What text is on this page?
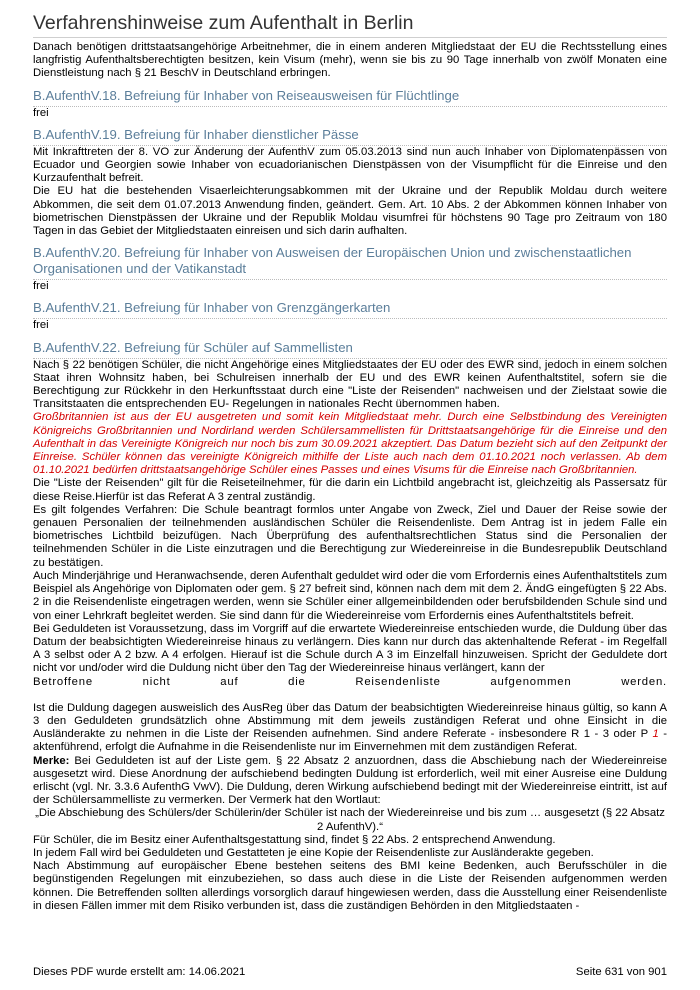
Verfahrenshinweise zum Aufenthalt in Berlin

Danach benötigen drittstaatsangehörige Arbeitnehmer, die in einem anderen Mitgliedstaat der EU die Rechtsstellung eines langfristig Aufenthaltsberechtigten besitzen, kein Visum (mehr), wenn sie bis zu 90 Tage innerhalb von zwölf Monaten eine Dienstleistung nach § 21 BeschV in Deutschland erbringen.

B.AufenthV.18. Befreiung für Inhaber von Reiseausweisen für Flüchtlinge

frei

B.AufenthV.19. Befreiung für Inhaber dienstlicher Pässe

Mit Inkrafttreten der 8. VO zur Änderung der AufenthV zum 05.03.2013 sind nun auch Inhaber von Diplomatenpässen von Ecuador und Georgien sowie Inhaber von ecuadorianischen Dienstpässen von der Visumpflicht für die Einreise und den Kurzaufenthalt befreit.

Die EU hat die bestehenden Visaerleichterungsabkommen mit der Ukraine und der Republik Moldau durch weitere Abkommen, die seit dem 01.07.2013 Anwendung finden, geändert. Gem. Art. 10 Abs. 2 der Abkommen können Inhaber von biometrischen Dienstpässen der Ukraine und der Republik Moldau visumfrei für höchstens 90 Tage pro Zeitraum von 180 Tagen in das Gebiet der Mitgliedstaaten einreisen und sich darin aufhalten.

B.AufenthV.20. Befreiung für Inhaber von Ausweisen der Europäischen Union und zwischenstaatlichen Organisationen und der Vatikanstadt

frei

B.AufenthV.21. Befreiung für Inhaber von Grenzgängerkarten

frei

B.AufenthV.22. Befreiung für Schüler auf Sammellisten

Nach § 22 benötigen Schüler, die nicht Angehörige eines Mitgliedstaates der EU oder des EWR sind, jedoch in einem solchen Staat ihren Wohnsitz haben, bei Schulreisen innerhalb der EU und des EWR keinen Aufenthaltstitel, sofern sie die Berechtigung zur Rückkehr in den Herkunftsstaat durch eine "Liste der Reisenden" nachweisen und der Zielstaat sowie die Transitstaaten die entsprechenden EU- Regelungen in nationales Recht übernommen haben.

Großbritannien ist aus der EU ausgetreten und somit kein Mitgliedstaat mehr. Durch eine Selbstbindung des Vereinigten Königreichs Großbritannien und Nordirland werden Schülersammellisten für Drittstaatsangehörige für die Einreise und den Aufenthalt in das Vereinigte Königreich nur noch bis zum 30.09.2021 akzeptiert. Das Datum bezieht sich auf den Zeitpunkt der Einreise. Schüler können das vereinigte Königreich mithilfe der Liste auch nach dem 01.10.2021 noch verlassen. Ab dem 01.10.2021 bedürfen drittstaatsangehörige Schüler eines Passes und eines Visums für die Einreise nach Großbritannien.

Die "Liste der Reisenden" gilt für die Reiseteilnehmer, für die darin ein Lichtbild angebracht ist, gleichzeitig als Passersatz für diese Reise.Hierfür ist das Referat A 3 zentral zuständig.

Es gilt folgendes Verfahren: Die Schule beantragt formlos unter Angabe von Zweck, Ziel und Dauer der Reise sowie der genauen Personalien der teilnehmenden ausländischen Schüler die Reisendenliste. Dem Antrag ist in jedem Falle ein biometrisches Lichtbild beizufügen. Nach Überprüfung des aufenthaltsrechtlichen Status sind die Personalien der teilnehmenden Schüler in die Liste einzutragen und die Berechtigung zur Wiedereinreise in die Bundesrepublik Deutschland zu bestätigen.

Auch Minderjährige und Heranwachsende, deren Aufenthalt geduldet wird oder die vom Erfordernis eines Aufenthaltstitels zum Beispiel als Angehörige von Diplomaten oder gem. § 27 befreit sind, können nach dem mit dem 2. ÄndG eingefügten § 22 Abs. 2 in die Reisendenliste eingetragen werden, wenn sie Schüler einer allgemeinbildenden oder berufsbildenden Schule sind und von einer Lehrkraft begleitet werden. Sie sind dann für die Wiedereinreise vom Erfordernis eines Aufenthaltstitels befreit.

Bei Geduldeten ist Voraussetzung, dass im Vorgriff auf die erwartete Wiedereinreise entschieden wurde, die Duldung über das Datum der beabsichtigten Wiedereinreise hinaus zu verlängern. Dies kann nur durch das aktenhaltende Referat - im Regelfall A 3 selbst oder A 2 bzw. A 4 erfolgen. Hierauf ist die Schule durch A 3 im Einzelfall hinzuweisen. Spricht der Geduldete dort nicht vor und/oder wird die Duldung nicht über den Tag der Wiedereinreise hinaus verlängert, kann der

Betroffene nicht auf die Reisendenliste aufgenommen werden.

Ist die Duldung dagegen ausweislich des AusReg über das Datum der beabsichtigten Wiedereinreise hinaus gültig, so kann A 3 den Geduldeten grundsätzlich ohne Abstimmung mit dem jeweils zuständigen Referat und ohne Einsicht in die Ausländerakte zu nehmen in die Liste der Reisenden aufnehmen. Sind andere Referate - insbesondere R 1 - 3 oder P 1 - aktenführend, erfolgt die Aufnahme in die Reisendenliste nur im Einvernehmen mit dem zuständigen Referat.

Merke: Bei Geduldeten ist auf der Liste gem. § 22 Absatz 2 anzuordnen, dass die Abschiebung nach der Wiedereinreise ausgesetzt wird. Diese Anordnung der aufschiebend bedingten Duldung ist erforderlich, weil mit einer Ausreise eine Duldung erlischt (vgl. Nr. 3.3.6 AufenthG VwV). Die Duldung, deren Wirkung aufschiebend bedingt mit der Wiedereinreise eintritt, ist auf der Schülersammelliste zu vermerken. Der Vermerk hat den Wortlaut:

„Die Abschiebung des Schülers/der Schülerin/der Schüler ist nach der Wiedereinreise und bis zum … ausgesetzt (§ 22 Absatz 2 AufenthV).“

Für Schüler, die im Besitz einer Aufenthaltsgestattung sind, findet § 22 Abs. 2 entsprechend Anwendung.

In jedem Fall wird bei Geduldeten und Gestatteten je eine Kopie der Reisendenliste zur Ausländerakte gegeben.

Nach Abstimmung auf europäischer Ebene bestehen seitens des BMI keine Bedenken, auch Berufsschüler in die begünstigenden Regelungen mit einzubeziehen, so dass auch diese in die Liste der Reisenden aufgenommen werden können. Die Betreffenden sollten allerdings vorsorglich darauf hingewiesen werden, dass die Ausstellung einer Reisendenliste in diesen Fällen immer mit dem Risiko verbunden ist, dass die zuständigen Behörden in den Mitgliedstaaten -

Dieses PDF wurde erstellt am: 14.06.2021	Seite 631 von 901
